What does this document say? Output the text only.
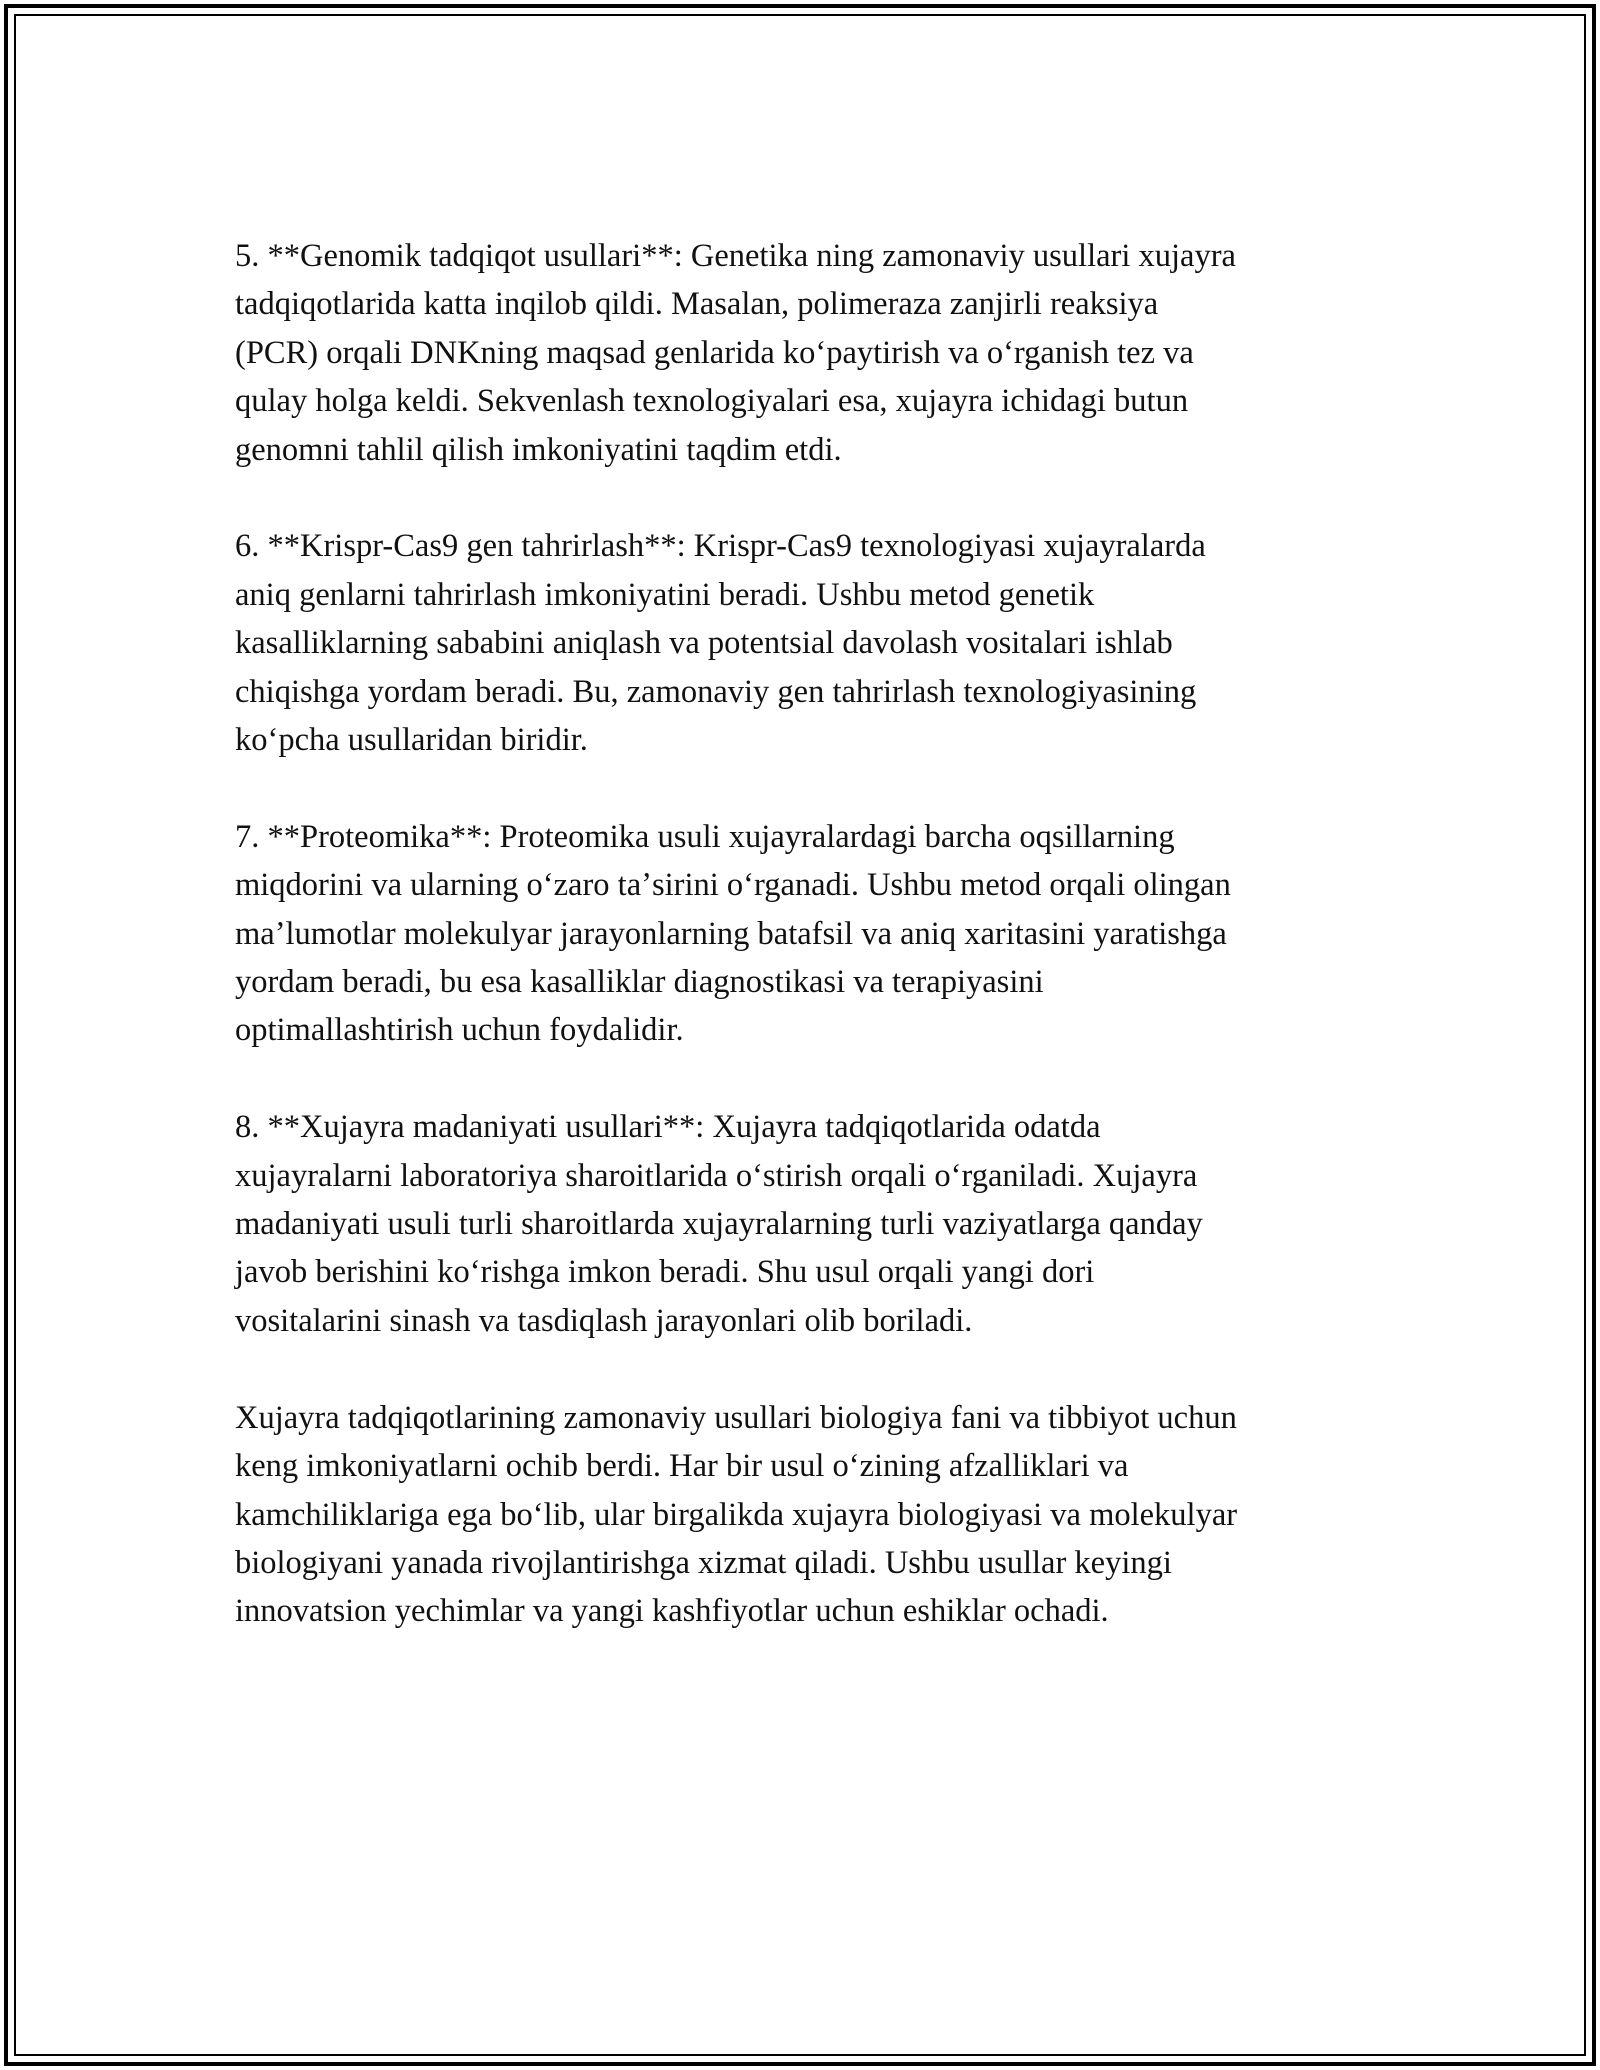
5. **Genomik tadqiqot usullari**: Genetika ning zamonaviy usullari xujayra
tadqiqotlarida katta inqilob qildi. Masalan, polimeraza zanjirli reaksiya
(PCR) orqali DNKning maqsad genlarida koʻpaytirish va oʻrganish tez va
qulay holga keldi. Sekvenlash texnologiyalari esa, xujayra ichidagi butun
genomni tahlil qilish imkoniyatini taqdim etdi.

6. **Krispr-Cas9 gen tahrirlash**: Krispr-Cas9 texnologiyasi xujayralarda
aniq genlarni tahrirlash imkoniyatini beradi. Ushbu metod genetik
kasalliklarning sababini aniqlash va potentsial davolash vositalari ishlab
chiqishga yordam beradi. Bu, zamonaviy gen tahrirlash texnologiyasining
koʻpcha usullaridan biridir.

7. **Proteomika**: Proteomika usuli xujayralardagi barcha oqsillarning
miqdorini va ularning oʻzaro taʼsirini oʻrganadi. Ushbu metod orqali olingan
maʼlumotlar molekulyar jarayonlarning batafsil va aniq xaritasini yaratishga
yordam beradi, bu esa kasalliklar diagnostikasi va terapiyasini
optimallashtirish uchun foydalidir.

8. **Xujayra madaniyati usullari**: Xujayra tadqiqotlarida odatda
xujayralarni laboratoriya sharoitlarida oʻstirish orqali oʻrganiladi. Xujayra
madaniyati usuli turli sharoitlarda xujayralarning turli vaziyatlarga qanday
javob berishini koʻrishga imkon beradi. Shu usul orqali yangi dori
vositalarini sinash va tasdiqlash jarayonlari olib boriladi.

Xujayra tadqiqotlarining zamonaviy usullari biologiya fani va tibbiyot uchun
keng imkoniyatlarni ochib berdi. Har bir usul oʻzining afzalliklari va
kamchiliklariga ega boʻlib, ular birgalikda xujayra biologiyasi va molekulyar
biologiyani yanada rivojlantirishga xizmat qiladi. Ushbu usullar keyingi
innovatsion yechimlar va yangi kashfiyotlar uchun eshiklar ochadi.
